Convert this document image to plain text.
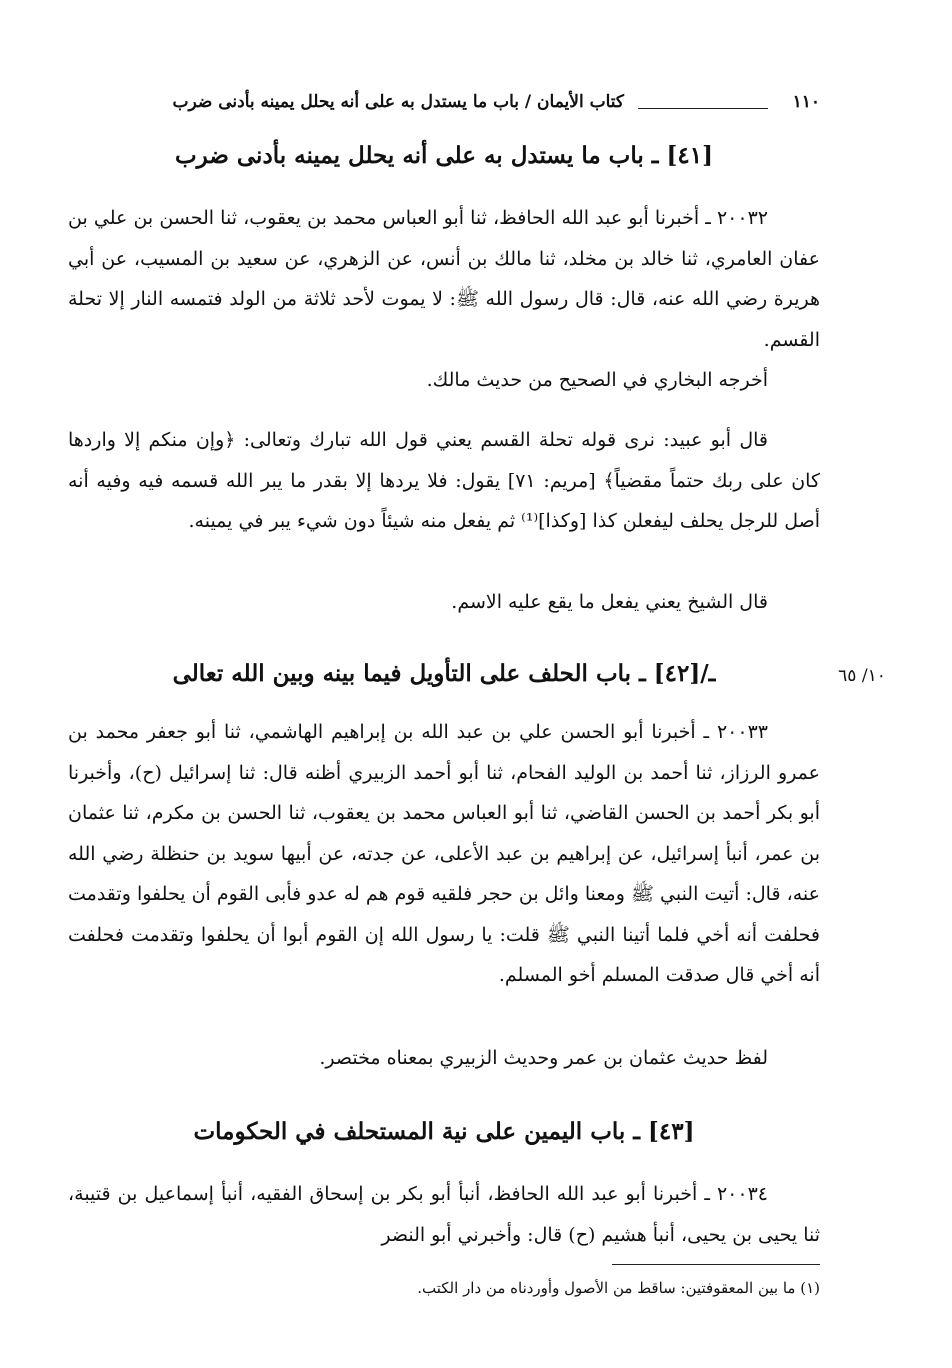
١١٠
كتاب الأيمان / باب ما يستدل به على أنه يحلل يمينه بأدنى ضرب
[٤١] ـ باب ما يستدل به على أنه يحلل يمينه بأدنى ضرب

٢٠٠٣٢ ـ أخبرنا أبو عبد الله الحافظ، ثنا أبو العباس محمد بن يعقوب، ثنا الحسن بن علي بن عفان العامري، ثنا خالد بن مخلد، ثنا مالك بن أنس، عن الزهري، عن سعيد بن المسيب، عن أبي هريرة رضي الله عنه، قال: قال رسول الله ﷺ: لا يموت لأحد ثلاثة من الولد فتمسه النار إلا تحلة القسم.

أخرجه البخاري في الصحيح من حديث مالك.

قال أبو عبيد: نرى قوله تحلة القسم يعني قول الله تبارك وتعالى: ﴿وإن منكم إلا واردها كان على ربك حتماً مقضياً﴾ [مريم: ٧١] يقول: فلا يردها إلا بقدر ما يبر الله قسمه فيه وفيه أنه أصل للرجل يحلف ليفعلن كذا [وكذا]⁽¹⁾ ثم يفعل منه شيئاً دون شيء يبر في يمينه.

قال الشيخ يعني يفعل ما يقع عليه الاسم.

١٠/ ٦٥
ـ/[٤٢] ـ باب الحلف على التأويل فيما بينه وبين الله تعالى

٢٠٠٣٣ ـ أخبرنا أبو الحسن علي بن عبد الله بن إبراهيم الهاشمي، ثنا أبو جعفر محمد بن عمرو الرزاز، ثنا أحمد بن الوليد الفحام، ثنا أبو أحمد الزبيري أظنه قال: ثنا إسرائيل (ح)، وأخبرنا أبو بكر أحمد بن الحسن القاضي، ثنا أبو العباس محمد بن يعقوب، ثنا الحسن بن مكرم، ثنا عثمان بن عمر، أنبأ إسرائيل، عن إبراهيم بن عبد الأعلى، عن جدته، عن أبيها سويد بن حنظلة رضي الله عنه، قال: أتيت النبي ﷺ ومعنا وائل بن حجر فلقيه قوم هم له عدو فأبى القوم أن يحلفوا وتقدمت فحلفت أنه أخي فلما أتينا النبي ﷺ قلت: يا رسول الله إن القوم أبوا أن يحلفوا وتقدمت فحلفت أنه أخي قال صدقت المسلم أخو المسلم.

لفظ حديث عثمان بن عمر وحديث الزبيري بمعناه مختصر.

[٤٣] ـ باب اليمين على نية المستحلف في الحكومات

٢٠٠٣٤ ـ أخبرنا أبو عبد الله الحافظ، أنبأ أبو بكر بن إسحاق الفقيه، أنبأ إسماعيل بن قتيبة، ثنا يحيى بن يحيى، أنبأ هشيم (ح) قال: وأخبرني أبو النضر

(١) ما بين المعقوفتين: ساقط من الأصول وأوردناه من دار الكتب.
